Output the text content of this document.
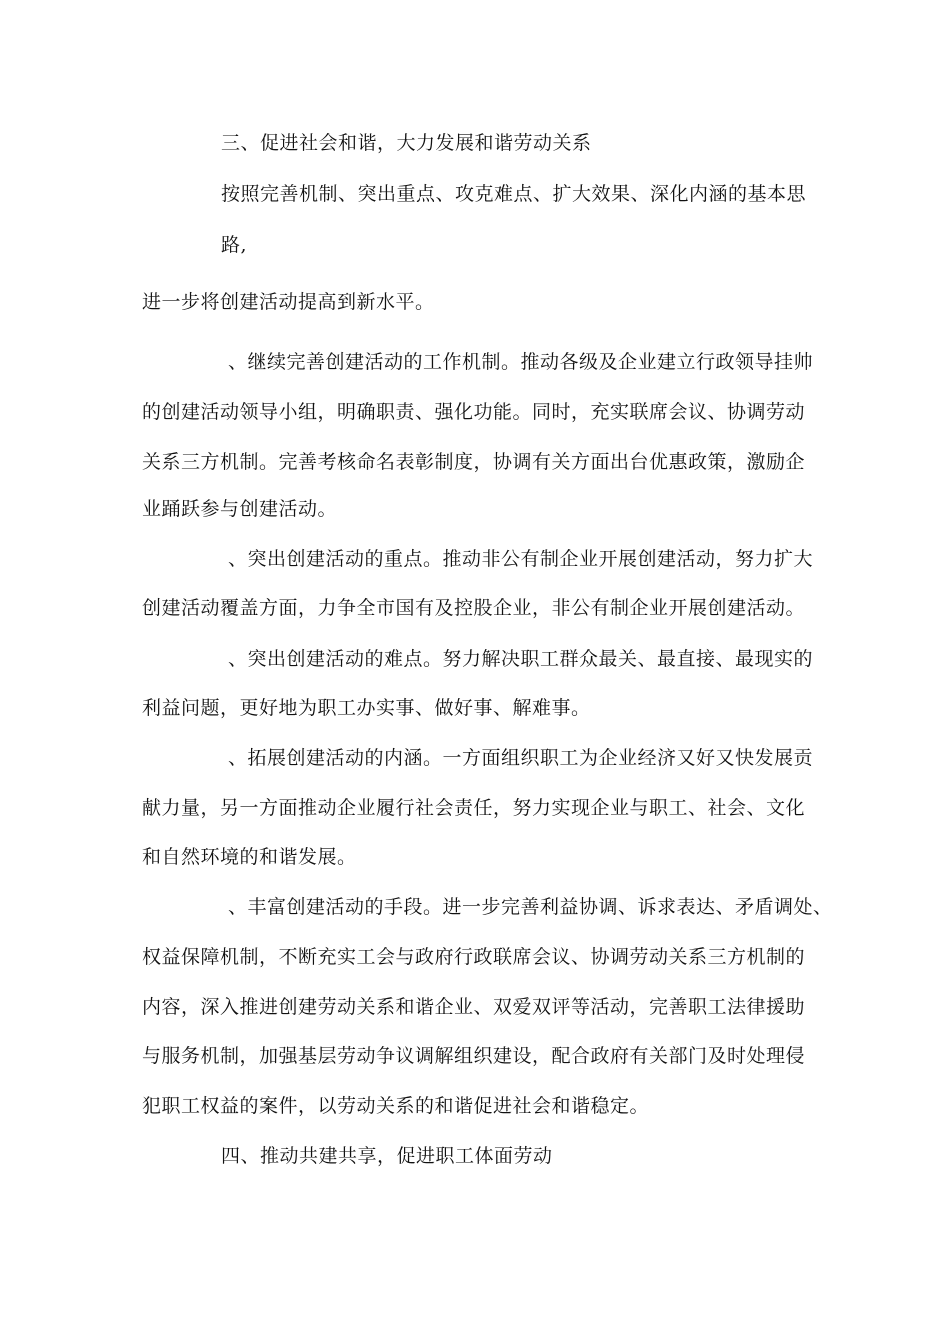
三、促进社会和谐，大力发展和谐劳动关系
按照完善机制、突出重点、攻克难点、扩大效果、深化内涵的基本思
路,
进一步将创建活动提高到新水平。
、继续完善创建活动的工作机制。推动各级及企业建立行政领导挂帅
的创建活动领导小组，明确职责、强化功能。同时，充实联席会议、协调劳动
关系三方机制。完善考核命名表彰制度，协调有关方面出台优惠政策，激励企
业踊跃参与创建活动。
、突出创建活动的重点。推动非公有制企业开展创建活动，努力扩大
创建活动覆盖方面，力争全市国有及控股企业，非公有制企业开展创建活动。
、突出创建活动的难点。努力解决职工群众最关、最直接、最现实的
利益问题，更好地为职工办实事、做好事、解难事。
、拓展创建活动的内涵。一方面组织职工为企业经济又好又快发展贡
献力量，另一方面推动企业履行社会责任，努力实现企业与职工、社会、文化
和自然环境的和谐发展。
、丰富创建活动的手段。进一步完善利益协调、诉求表达、矛盾调处、
权益保障机制，不断充实工会与政府行政联席会议、协调劳动关系三方机制的
内容，深入推进创建劳动关系和谐企业、双爱双评等活动，完善职工法律援助
与服务机制，加强基层劳动争议调解组织建设，配合政府有关部门及时处理侵
犯职工权益的案件，以劳动关系的和谐促进社会和谐稳定。
四、推动共建共享，促进职工体面劳动
